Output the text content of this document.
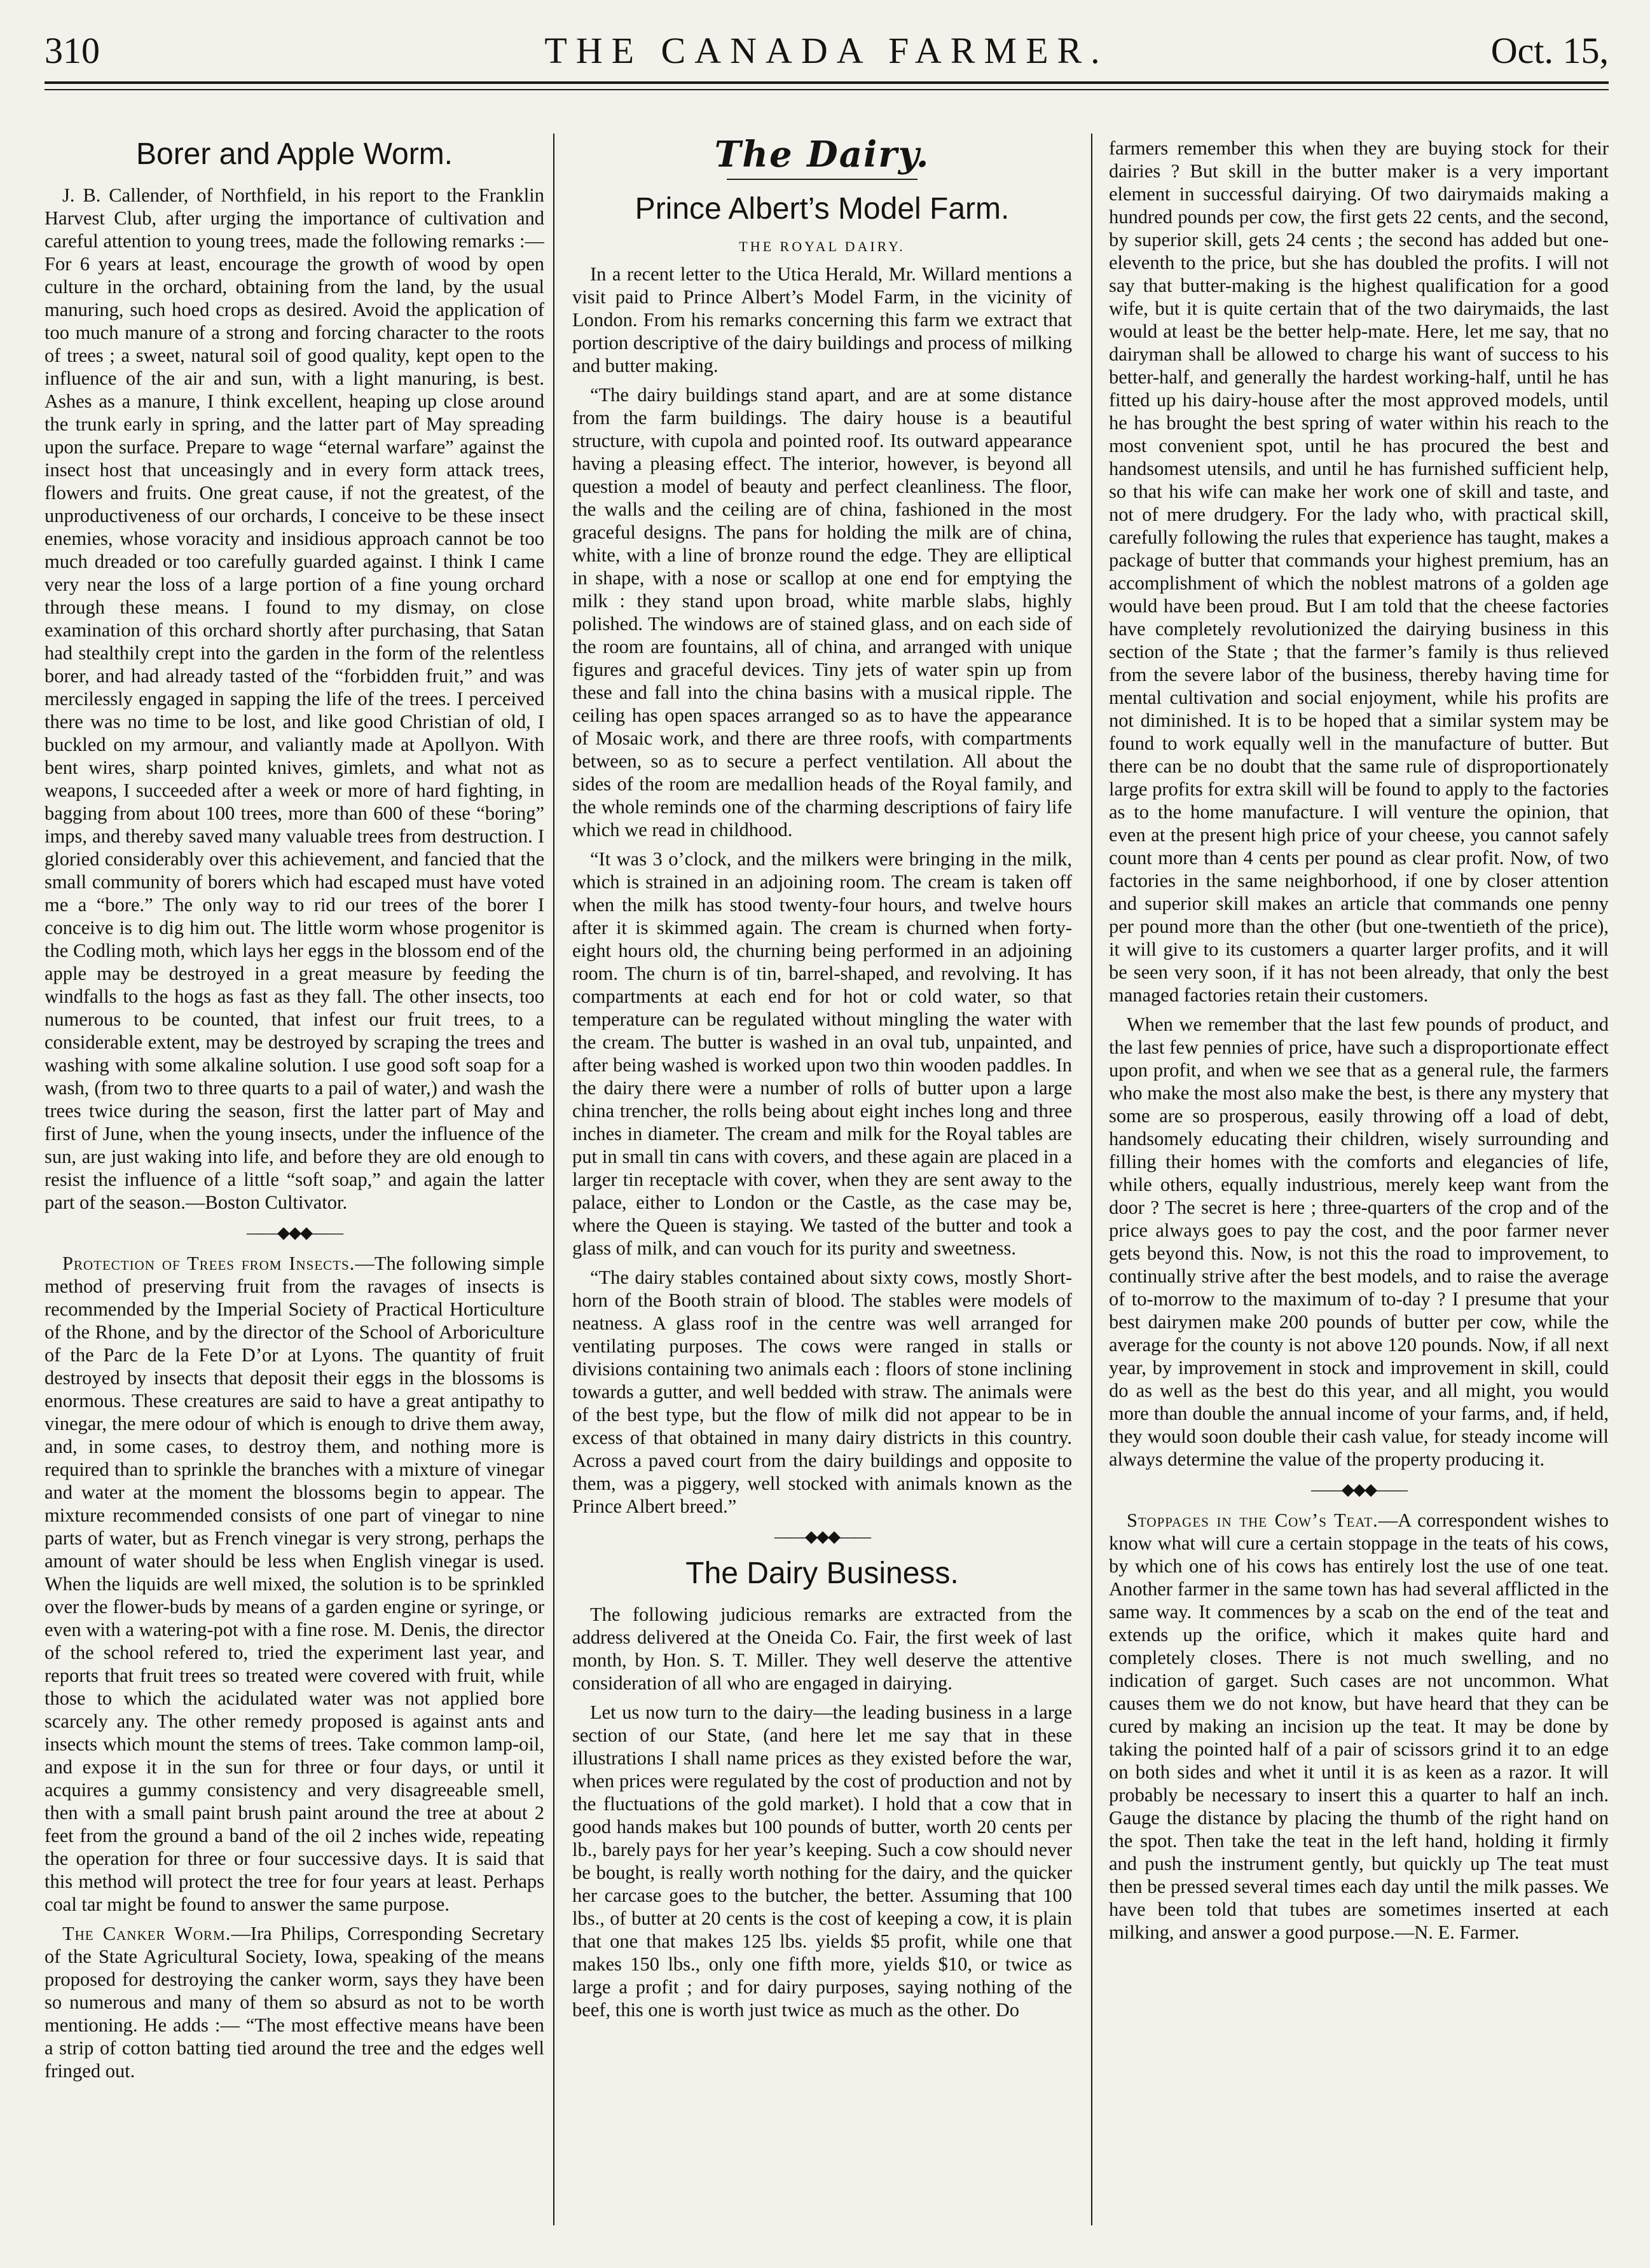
THE CANADA FARMER.
310	Oct. 15,
Borer and Apple Worm.

J. B. Callender, of Northfield, in his report to the Franklin Harvest Club, after urging the importance of cultivation and careful attention to young trees, made the following remarks :—For 6 years at least, encourage the growth of wood by open culture in the orchard, obtaining from the land, by the usual manuring, such hoed crops as desired. Avoid the application of too much manure of a strong and forcing character to the roots of trees ; a sweet, natural soil of good quality, kept open to the influence of the air and sun, with a light manuring, is best. Ashes as a manure, I think excellent, heaping up close around the trunk early in spring, and the latter part of May spreading upon the surface. Prepare to wage “eternal warfare” against the insect host that unceasingly and in every form attack trees, flowers and fruits. One great cause, if not the greatest, of the unproductiveness of our orchards, I conceive to be these insect enemies, whose voracity and insidious approach cannot be too much dreaded or too carefully guarded against. I think I came very near the loss of a large portion of a fine young orchard through these means. I found to my dismay, on close examination of this orchard shortly after purchasing, that Satan had stealthily crept into the garden in the form of the relentless borer, and had already tasted of the “forbidden fruit,” and was mercilessly engaged in sapping the life of the trees. I perceived there was no time to be lost, and like good Christian of old, I buckled on my armour, and valiantly made at Apollyon. With bent wires, sharp pointed knives, gimlets, and what not as weapons, I succeeded after a week or more of hard fighting, in bagging from about 100 trees, more than 600 of these “boring” imps, and thereby saved many valuable trees from destruction. I gloried considerably over this achievement, and fancied that the small community of borers which had escaped must have voted me a “bore.” The only way to rid our trees of the borer I conceive is to dig him out. The little worm whose progenitor is the Codling moth, which lays her eggs in the blossom end of the apple may be destroyed in a great measure by feeding the windfalls to the hogs as fast as they fall. The other insects, too numerous to be counted, that infest our fruit trees, to a considerable extent, may be destroyed by scraping the trees and washing with some alkaline solution. I use good soft soap for a wash, (from two to three quarts to a pail of water,) and wash the trees twice during the season, first the latter part of May and first of June, when the young insects, under the influence of the sun, are just waking into life, and before they are old enough to resist the influence of a little “soft soap,” and again the latter part of the season.—Boston Cultivator.

——◆◆◆——

Protection of Trees from Insects.—The following simple method of preserving fruit from the ravages of insects is recommended by the Imperial Society of Practical Horticulture of the Rhone, and by the director of the School of Arboriculture of the Parc de la Fete D’or at Lyons. The quantity of fruit destroyed by insects that deposit their eggs in the blossoms is enormous. These creatures are said to have a great antipathy to vinegar, the mere odour of which is enough to drive them away, and, in some cases, to destroy them, and nothing more is required than to sprinkle the branches with a mixture of vinegar and water at the moment the blossoms begin to appear. The mixture recommended consists of one part of vinegar to nine parts of water, but as French vinegar is very strong, perhaps the amount of water should be less when English vinegar is used. When the liquids are well mixed, the solution is to be sprinkled over the flower-buds by means of a garden engine or syringe, or even with a watering-pot with a fine rose. M. Denis, the director of the school refered to, tried the experiment last year, and reports that fruit trees so treated were covered with fruit, while those to which the acidulated water was not applied bore scarcely any. The other remedy proposed is against ants and insects which mount the stems of trees. Take common lamp-oil, and expose it in the sun for three or four days, or until it acquires a gummy consistency and very disagreeable smell, then with a small paint brush paint around the tree at about 2 feet from the ground a band of the oil 2 inches wide, repeating the operation for three or four successive days. It is said that this method will protect the tree for four years at least. Perhaps coal tar might be found to answer the same purpose.

The Canker Worm.—Ira Philips, Corresponding Secretary of the State Agricultural Society, Iowa, speaking of the means proposed for destroying the canker worm, says they have been so numerous and many of them so absurd as not to be worth mentioning. He adds :— “The most effective means have been a strip of cotton batting tied around the tree and the edges well fringed out.

The Dairy.
Prince Albert’s Model Farm.
THE ROYAL DAIRY.

In a recent letter to the Utica Herald, Mr. Willard mentions a visit paid to Prince Albert’s Model Farm, in the vicinity of London. From his remarks concerning this farm we extract that portion descriptive of the dairy buildings and process of milking and butter making.

“The dairy buildings stand apart, and are at some distance from the farm buildings. The dairy house is a beautiful structure, with cupola and pointed roof. Its outward appearance having a pleasing effect. The interior, however, is beyond all question a model of beauty and perfect cleanliness. The floor, the walls and the ceiling are of china, fashioned in the most graceful designs. The pans for holding the milk are of china, white, with a line of bronze round the edge. They are elliptical in shape, with a nose or scallop at one end for emptying the milk : they stand upon broad, white marble slabs, highly polished. The windows are of stained glass, and on each side of the room are fountains, all of china, and arranged with unique figures and graceful devices. Tiny jets of water spin up from these and fall into the china basins with a musical ripple. The ceiling has open spaces arranged so as to have the appearance of Mosaic work, and there are three roofs, with compartments between, so as to secure a perfect ventilation. All about the sides of the room are medallion heads of the Royal family, and the whole reminds one of the charming descriptions of fairy life which we read in childhood.

“It was 3 o’clock, and the milkers were bringing in the milk, which is strained in an adjoining room. The cream is taken off when the milk has stood twenty-four hours, and twelve hours after it is skimmed again. The cream is churned when forty-eight hours old, the churning being performed in an adjoining room. The churn is of tin, barrel-shaped, and revolving. It has compartments at each end for hot or cold water, so that temperature can be regulated without mingling the water with the cream. The butter is washed in an oval tub, unpainted, and after being washed is worked upon two thin wooden paddles. In the dairy there were a number of rolls of butter upon a large china trencher, the rolls being about eight inches long and three inches in diameter. The cream and milk for the Royal tables are put in small tin cans with covers, and these again are placed in a larger tin receptacle with cover, when they are sent away to the palace, either to London or the Castle, as the case may be, where the Queen is staying. We tasted of the butter and took a glass of milk, and can vouch for its purity and sweetness.

“The dairy stables contained about sixty cows, mostly Short-horn of the Booth strain of blood. The stables were models of neatness. A glass roof in the centre was well arranged for ventilating purposes. The cows were ranged in stalls or divisions containing two animals each : floors of stone inclining towards a gutter, and well bedded with straw. The animals were of the best type, but the flow of milk did not appear to be in excess of that obtained in many dairy districts in this country. Across a paved court from the dairy buildings and opposite to them, was a piggery, well stocked with animals known as the Prince Albert breed.”

——◆◆◆——
The Dairy Business.

The following judicious remarks are extracted from the address delivered at the Oneida Co. Fair, the first week of last month, by Hon. S. T. Miller. They well deserve the attentive consideration of all who are engaged in dairying.

Let us now turn to the dairy—the leading business in a large section of our State, (and here let me say that in these illustrations I shall name prices as they existed before the war, when prices were regulated by the cost of production and not by the fluctuations of the gold market). I hold that a cow that in good hands makes but 100 pounds of butter, worth 20 cents per lb., barely pays for her year’s keeping. Such a cow should never be bought, is really worth nothing for the dairy, and the quicker her carcase goes to the butcher, the better. Assuming that 100 lbs., of butter at 20 cents is the cost of keeping a cow, it is plain that one that makes 125 lbs. yields $5 profit, while one that makes 150 lbs., only one fifth more, yields $10, or twice as large a profit ; and for dairy purposes, saying nothing of the beef, this one is worth just twice as much as the other. Do

farmers remember this when they are buying stock for their dairies ? But skill in the butter maker is a very important element in successful dairying. Of two dairymaids making a hundred pounds per cow, the first gets 22 cents, and the second, by superior skill, gets 24 cents ; the second has added but one-eleventh to the price, but she has doubled the profits. I will not say that butter-making is the highest qualification for a good wife, but it is quite certain that of the two dairymaids, the last would at least be the better help-mate. Here, let me say, that no dairyman shall be allowed to charge his want of success to his better-half, and generally the hardest working-half, until he has fitted up his dairy-house after the most approved models, until he has brought the best spring of water within his reach to the most convenient spot, until he has procured the best and handsomest utensils, and until he has furnished sufficient help, so that his wife can make her work one of skill and taste, and not of mere drudgery. For the lady who, with practical skill, carefully following the rules that experience has taught, makes a package of butter that commands your highest premium, has an accomplishment of which the noblest matrons of a golden age would have been proud. But I am told that the cheese factories have completely revolutionized the dairying business in this section of the State ; that the farmer’s family is thus relieved from the severe labor of the business, thereby having time for mental cultivation and social enjoyment, while his profits are not diminished. It is to be hoped that a similar system may be found to work equally well in the manufacture of butter. But there can be no doubt that the same rule of disproportionately large profits for extra skill will be found to apply to the factories as to the home manufacture. I will venture the opinion, that even at the present high price of your cheese, you cannot safely count more than 4 cents per pound as clear profit. Now, of two factories in the same neighborhood, if one by closer attention and superior skill makes an article that commands one penny per pound more than the other (but one-twentieth of the price), it will give to its customers a quarter larger profits, and it will be seen very soon, if it has not been already, that only the best managed factories retain their customers.

When we remember that the last few pounds of product, and the last few pennies of price, have such a disproportionate effect upon profit, and when we see that as a general rule, the farmers who make the most also make the best, is there any mystery that some are so prosperous, easily throwing off a load of debt, handsomely educating their children, wisely surrounding and filling their homes with the comforts and elegancies of life, while others, equally industrious, merely keep want from the door ? The secret is here ; three-quarters of the crop and of the price always goes to pay the cost, and the poor farmer never gets beyond this. Now, is not this the road to improvement, to continually strive after the best models, and to raise the average of to-morrow to the maximum of to-day ? I presume that your best dairymen make 200 pounds of butter per cow, while the average for the county is not above 120 pounds. Now, if all next year, by improvement in stock and improvement in skill, could do as well as the best do this year, and all might, you would more than double the annual income of your farms, and, if held, they would soon double their cash value, for steady income will always determine the value of the property producing it.

——◆◆◆——

Stoppages in the Cow’s Teat.—A correspondent wishes to know what will cure a certain stoppage in the teats of his cows, by which one of his cows has entirely lost the use of one teat. Another farmer in the same town has had several afflicted in the same way. It commences by a scab on the end of the teat and extends up the orifice, which it makes quite hard and completely closes. There is not much swelling, and no indication of garget. Such cases are not uncommon. What causes them we do not know, but have heard that they can be cured by making an incision up the teat. It may be done by taking the pointed half of a pair of scissors grind it to an edge on both sides and whet it until it is as keen as a razor. It will probably be necessary to insert this a quarter to half an inch. Gauge the distance by placing the thumb of the right hand on the spot. Then take the teat in the left hand, holding it firmly and push the instrument gently, but quickly up The teat must then be pressed several times each day until the milk passes. We have been told that tubes are sometimes inserted at each milking, and answer a good purpose.—N. E. Farmer.
